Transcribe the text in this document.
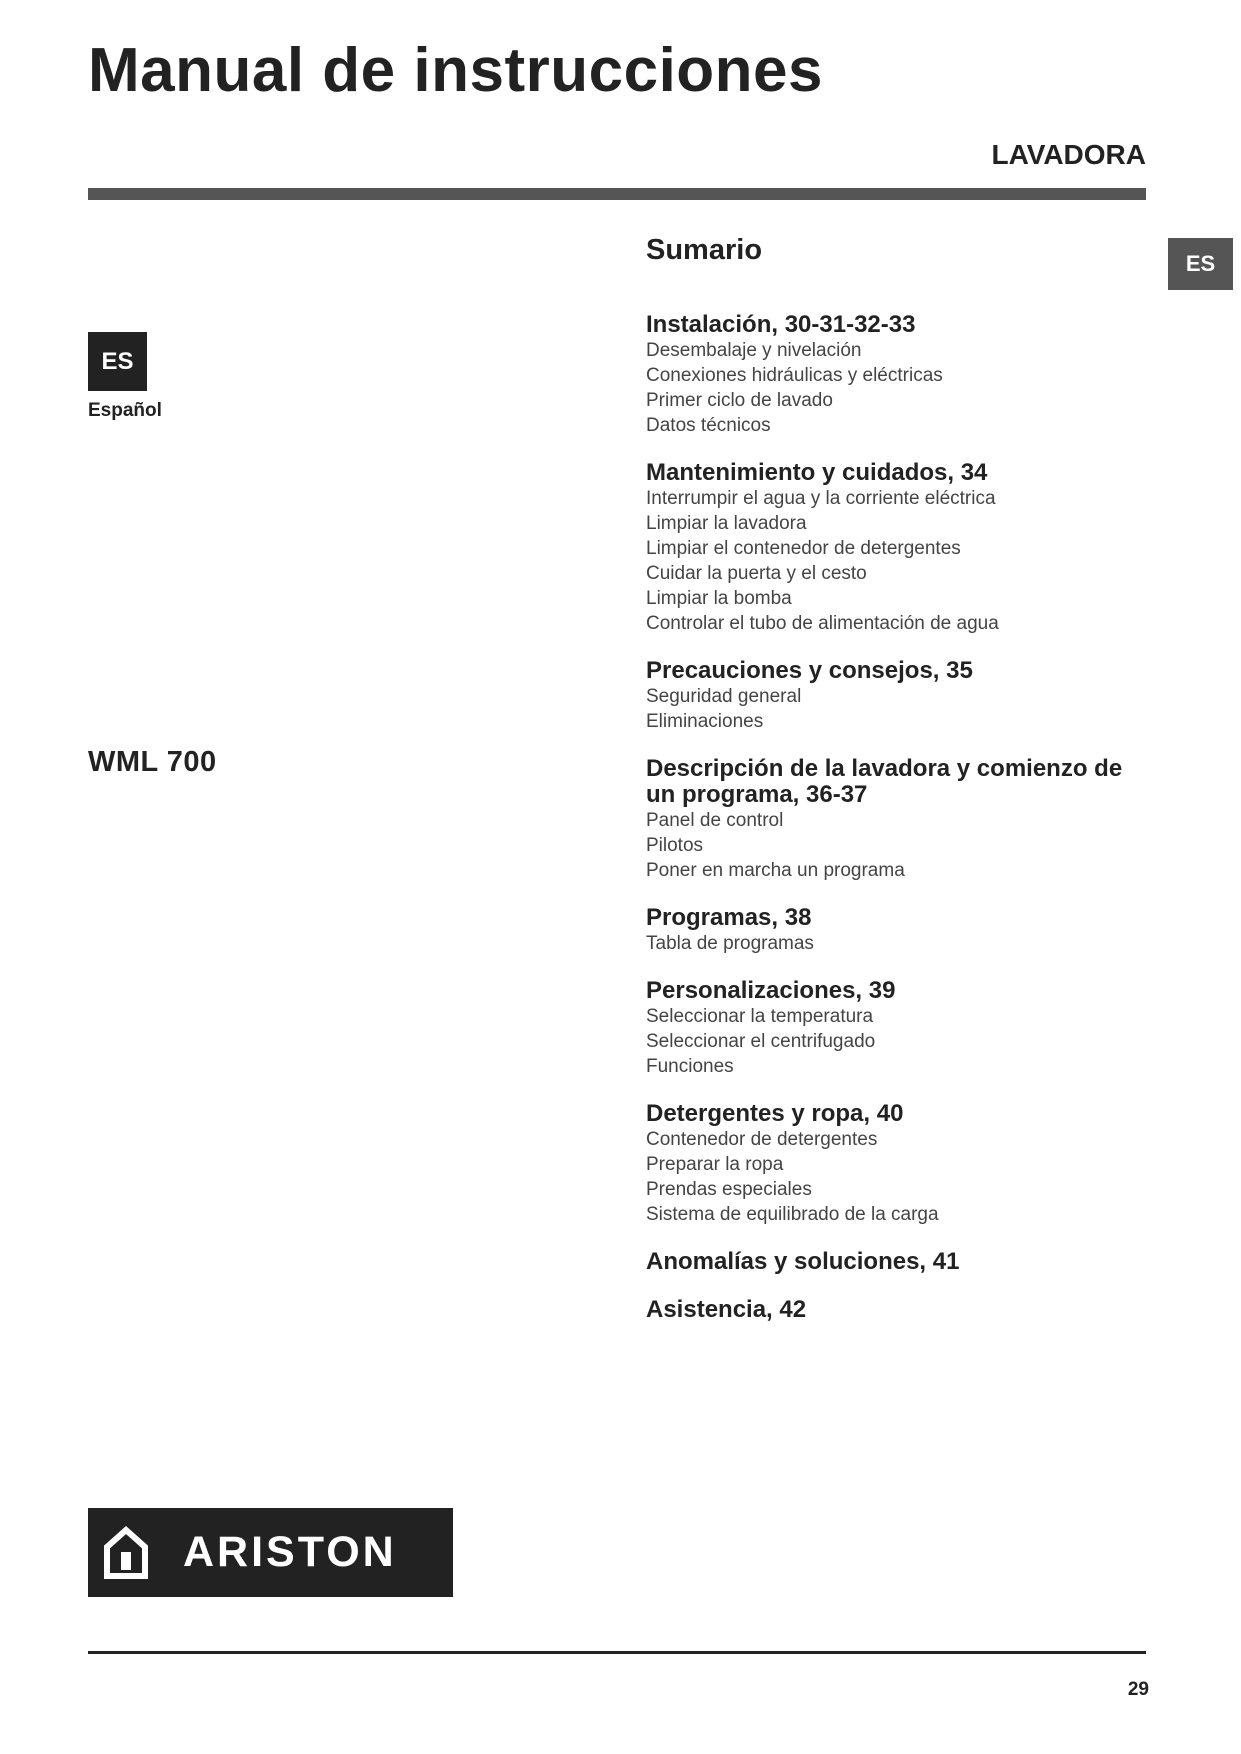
Manual de instrucciones
LAVADORA
ES
ES
Español
WML 700
Sumario
Instalación, 30-31-32-33
Desembalaje y nivelación
Conexiones hidráulicas y eléctricas
Primer ciclo de lavado
Datos técnicos
Mantenimiento y cuidados, 34
Interrumpir el agua y la corriente eléctrica
Limpiar la lavadora
Limpiar el contenedor de detergentes
Cuidar la puerta y el cesto
Limpiar la bomba
Controlar el tubo de alimentación de agua
Precauciones y consejos, 35
Seguridad general
Eliminaciones
Descripción de la lavadora y comienzo de un programa, 36-37
Panel de control
Pilotos
Poner en marcha un programa
Programas, 38
Tabla de programas
Personalizaciones, 39
Seleccionar la temperatura
Seleccionar el centrifugado
Funciones
Detergentes y ropa, 40
Contenedor de detergentes
Preparar la ropa
Prendas especiales
Sistema de equilibrado de la carga
Anomalías y soluciones, 41
Asistencia, 42
ARISTON
29
